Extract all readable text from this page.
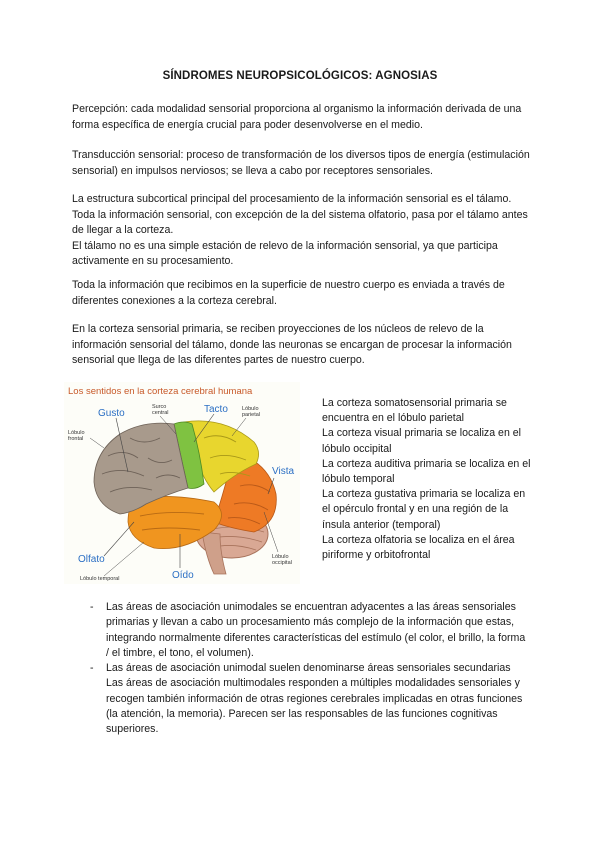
SÍNDROMES NEUROPSICOLÓGICOS: AGNOSIAS

Percepción: cada modalidad sensorial proporciona al organismo la información derivada de una forma específica de energía crucial para poder desenvolverse en el medio.

Transducción sensorial: proceso de transformación de los diversos tipos de energía (estimulación sensorial) en impulsos nerviosos; se lleva a cabo por receptores sensoriales.

La estructura subcortical principal del procesamiento de la información sensorial es el tálamo. Toda la información sensorial, con excepción de la del sistema olfatorio, pasa por el tálamo antes de llegar a la corteza.
El tálamo no es una simple estación de relevo de la información sensorial, ya que participa activamente en su procesamiento.

Toda la información que recibimos en la superficie de nuestro cuerpo es enviada a través de diferentes conexiones a la corteza cerebral.

En la corteza sensorial primaria, se reciben proyecciones de los núcleos de relevo de la información sensorial del tálamo, donde las neuronas se encargan de procesar la información sensorial que llega de las diferentes partes de nuestro cuerpo.

Los sentidos en la corteza cerebral humana
Gusto	Tacto
Vista
Olfato
Oído
Surco
central
Lóbulo
parietal
Lóbulo
frontal
Lóbulo
occipital
Lóbulo temporal

La corteza somatosensorial primaria se encuentra en el lóbulo parietal

La corteza visual primaria se localiza en el lóbulo occipital

La corteza auditiva primaria se localiza en el lóbulo temporal

La corteza gustativa primaria se localiza en el opérculo frontal y en una región de la ínsula anterior (temporal)

La corteza olfatoria se localiza en el área piriforme y orbitofrontal

- Las áreas de asociación unimodales se encuentran adyacentes a las áreas sensoriales primarias y llevan a cabo un procesamiento más complejo de la información que estas, integrando normalmente diferentes características del estímulo (el color, el brillo, la forma / el timbre, el tono, el volumen).
- Las áreas de asociación unimodal suelen denominarse áreas sensoriales secundarias Las áreas de asociación multimodales responden a múltiples modalidades sensoriales y recogen también información de otras regiones cerebrales implicadas en otras funciones (la atención, la memoria). Parecen ser las responsables de las funciones cognitivas superiores.
